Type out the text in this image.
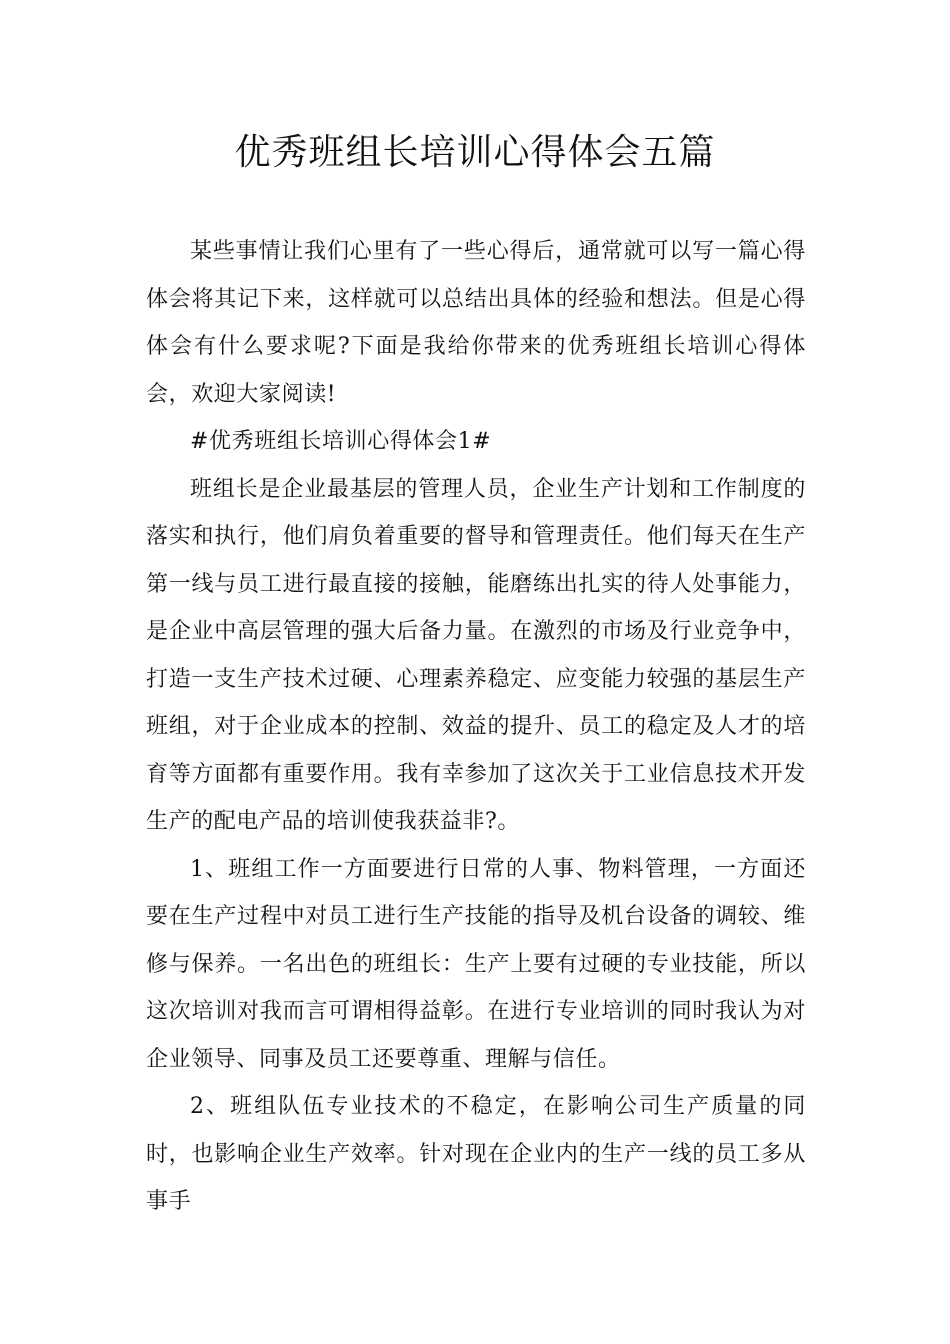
优秀班组长培训心得体会五篇

某些事情让我们心里有了一些心得后，通常就可以写一篇心得体会将其记下来，这样就可以总结出具体的经验和想法。但是心得体会有什么要求呢?下面是我给你带来的优秀班组长培训心得体会，欢迎大家阅读!

#优秀班组长培训心得体会1#

班组长是企业最基层的管理人员，企业生产计划和工作制度的落实和执行，他们肩负着重要的督导和管理责任。他们每天在生产第一线与员工进行最直接的接触，能磨练出扎实的待人处事能力，是企业中高层管理的强大后备力量。在激烈的市场及行业竞争中，打造一支生产技术过硬、心理素养稳定、应变能力较强的基层生产班组，对于企业成本的控制、效益的提升、员工的稳定及人才的培育等方面都有重要作用。我有幸参加了这次关于工业信息技术开发生产的配电产品的培训使我获益非?。

1、班组工作一方面要进行日常的人事、物料管理，一方面还要在生产过程中对员工进行生产技能的指导及机台设备的调较、维修与保养。一名出色的班组长：生产上要有过硬的专业技能，所以这次培训对我而言可谓相得益彰。在进行专业培训的同时我认为对企业领导、同事及员工还要尊重、理解与信任。

2、班组队伍专业技术的不稳定，在影响公司生产质量的同时，也影响企业生产效率。针对现在企业内的生产一线的员工多从事手
